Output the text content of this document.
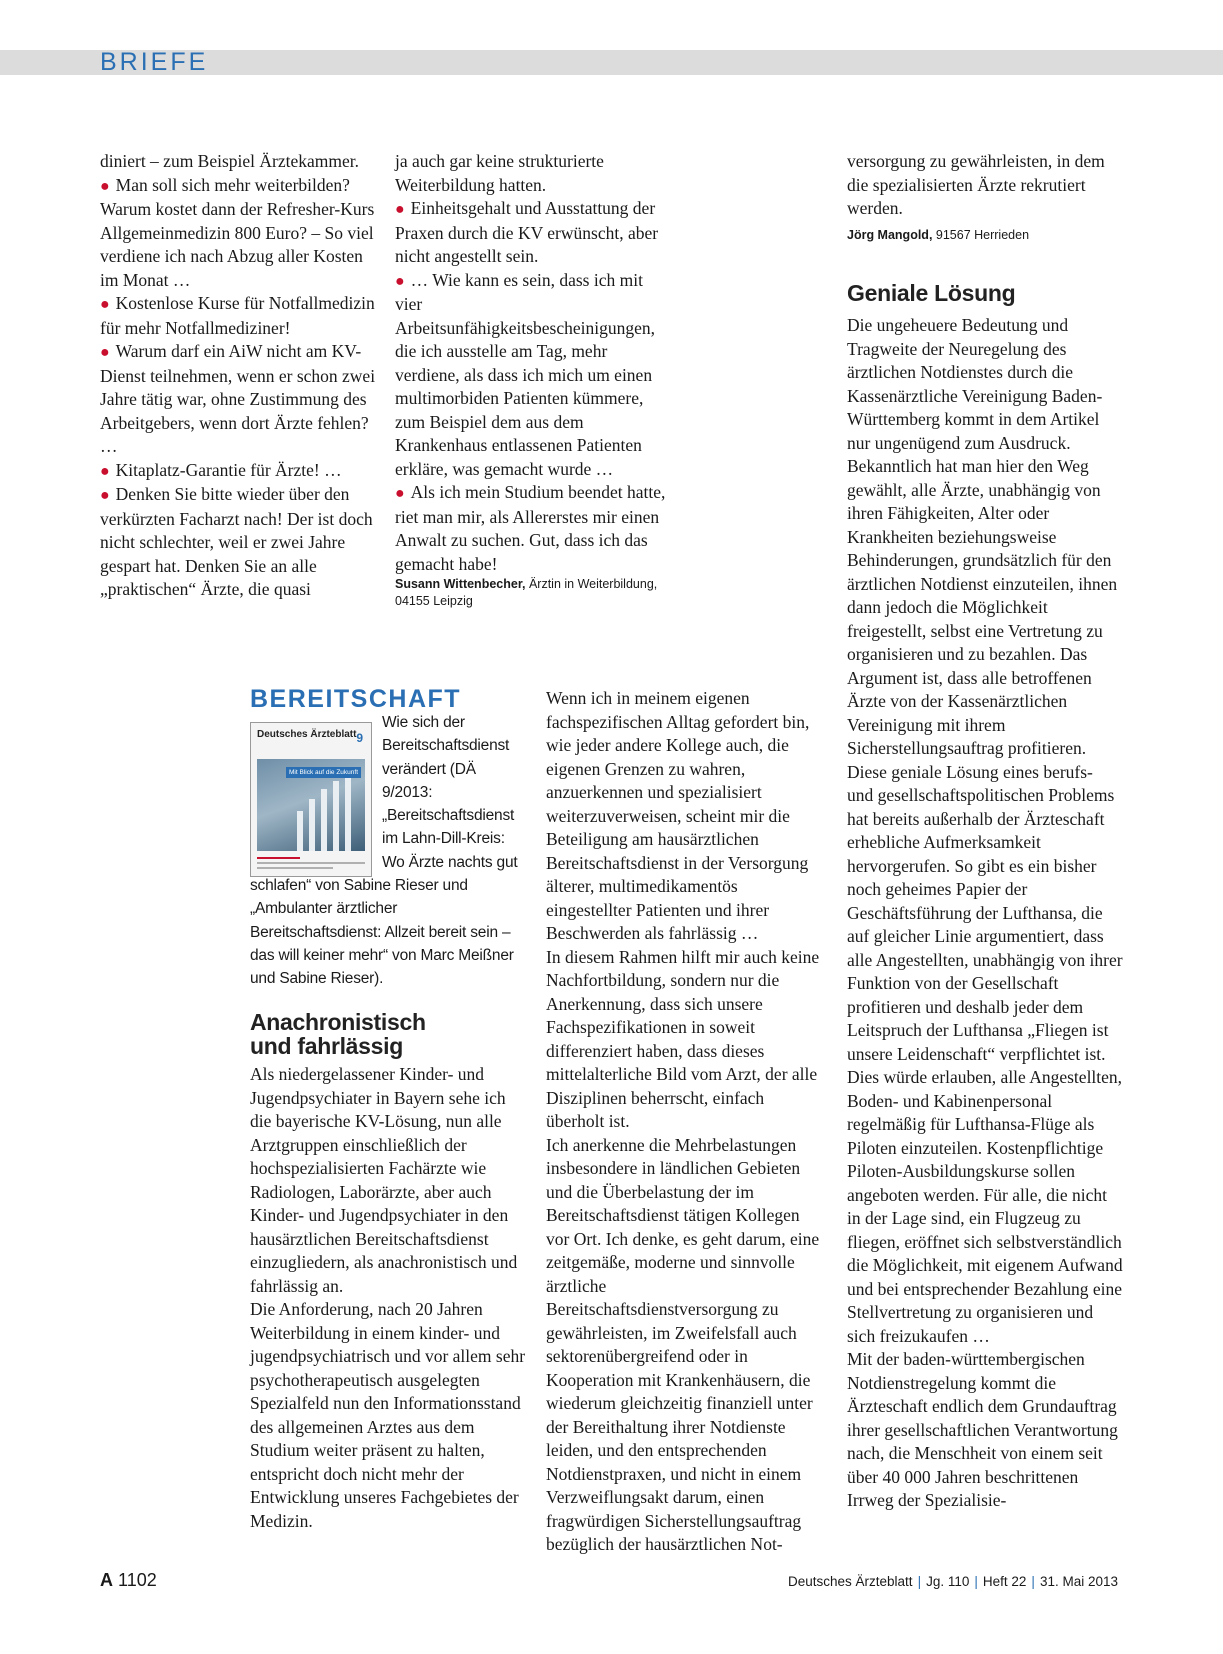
BRIEFE

diniert – zum Beispiel Ärztekammer.

● Man soll sich mehr weiterbilden? Warum kostet dann der Refresher-Kurs Allgemeinmedizin 800 Euro? – So viel verdiene ich nach Abzug aller Kosten im Monat …

● Kostenlose Kurse für Notfallmedizin für mehr Notfallmediziner!

● Warum darf ein AiW nicht am KV-Dienst teilnehmen, wenn er schon zwei Jahre tätig war, ohne Zustimmung des Arbeitgebers, wenn dort Ärzte fehlen? …

● Kitaplatz-Garantie für Ärzte! …

● Denken Sie bitte wieder über den verkürzten Facharzt nach! Der ist doch nicht schlechter, weil er zwei Jahre gespart hat. Denken Sie an alle „praktischen“ Ärzte, die quasi

ja auch gar keine strukturierte Weiterbildung hatten.

● Einheitsgehalt und Ausstattung der Praxen durch die KV erwünscht, aber nicht angestellt sein.

● … Wie kann es sein, dass ich mit vier Arbeitsunfähigkeitsbescheinigungen, die ich ausstelle am Tag, mehr verdiene, als dass ich mich um einen multimorbiden Patienten kümmere, zum Beispiel dem aus dem Krankenhaus entlassenen Patienten erkläre, was gemacht wurde …

● Als ich mein Studium beendet hatte, riet man mir, als Allererstes mir einen Anwalt zu suchen. Gut, dass ich das gemacht habe!

Susann Wittenbecher, Ärztin in Weiterbildung, 04155 Leipzig

versorgung zu gewährleisten, in dem die spezialisierten Ärzte rekrutiert werden.

Jörg Mangold, 91567 Herrieden

Geniale Lösung

Die ungeheuere Bedeutung und Tragweite der Neuregelung des ärztlichen Notdienstes durch die Kassenärztliche Vereinigung Baden-Württemberg kommt in dem Artikel nur ungenügend zum Ausdruck. Bekanntlich hat man hier den Weg gewählt, alle Ärzte, unabhängig von ihren Fähigkeiten, Alter oder Krankheiten beziehungsweise Behinderungen, grundsätzlich für den ärztlichen Notdienst einzuteilen, ihnen dann jedoch die Möglichkeit freigestellt, selbst eine Vertretung zu organisieren und zu bezahlen. Das Argument ist, dass alle betroffenen Ärzte von der Kassenärztlichen Vereinigung mit ihrem Sicherstellungsauftrag profitieren.

Diese geniale Lösung eines berufs- und gesellschaftspolitischen Problems hat bereits außerhalb der Ärzteschaft erhebliche Aufmerksamkeit hervorgerufen. So gibt es ein bisher noch geheimes Papier der Geschäftsführung der Lufthansa, die auf gleicher Linie argumentiert, dass alle Angestellten, unabhängig von ihrer Funktion von der Gesellschaft profitieren und deshalb jeder dem Leitspruch der Lufthansa „Fliegen ist unsere Leidenschaft“ verpflichtet ist. Dies würde erlauben, alle Angestellten, Boden- und Kabinenpersonal regelmäßig für Lufthansa-Flüge als Piloten einzuteilen. Kostenpflichtige Piloten-Ausbildungskurse sollen angeboten werden. Für alle, die nicht in der Lage sind, ein Flugzeug zu fliegen, eröffnet sich selbstverständlich die Möglichkeit, mit eigenem Aufwand und bei entsprechender Bezahlung eine Stellvertretung zu organisieren und sich freizukaufen …

Mit der baden-württembergischen Notdienstregelung kommt die Ärzteschaft endlich dem Grundauftrag ihrer gesellschaftlichen Verantwortung nach, die Menschheit von einem seit über 40 000 Jahren beschrittenen Irrweg der Spezialisie-

BEREITSCHAFT
Deutsches Ärzteblatt 9
Mit Blick auf die Zukunft
Wie sich der Bereitschaftsdienst verändert (DÄ 9/2013: „Bereitschaftsdienst im Lahn-Dill-Kreis: Wo Ärzte nachts gut schlafen“ von Sabine Rieser und „Ambulanter ärztlicher Bereitschaftsdienst: Allzeit bereit sein – das will keiner mehr“ von Marc Meißner und Sabine Rieser).
Anachronistisch
und fahrlässig

Als niedergelassener Kinder- und Jugendpsychiater in Bayern sehe ich die bayerische KV-Lösung, nun alle Arztgruppen einschließlich der hochspezialisierten Fachärzte wie Radiologen, Laborärzte, aber auch Kinder- und Jugendpsychiater in den hausärztlichen Bereitschaftsdienst einzugliedern, als anachronistisch und fahrlässig an.

Die Anforderung, nach 20 Jahren Weiterbildung in einem kinder- und jugendpsychiatrisch und vor allem sehr psychotherapeutisch ausgelegten Spezialfeld nun den Informationsstand des allgemeinen Arztes aus dem Studium weiter präsent zu halten, entspricht doch nicht mehr der Entwicklung unseres Fachgebietes der Medizin.

Wenn ich in meinem eigenen fachspezifischen Alltag gefordert bin, wie jeder andere Kollege auch, die eigenen Grenzen zu wahren, anzuerkennen und spezialisiert weiterzuverweisen, scheint mir die Beteiligung am hausärztlichen Bereitschaftsdienst in der Versorgung älterer, multimedikamentös eingestellter Patienten und ihrer Beschwerden als fahrlässig …

In diesem Rahmen hilft mir auch keine Nachfortbildung, sondern nur die Anerkennung, dass sich unsere Fachspezifikationen in soweit differenziert haben, dass dieses mittelalterliche Bild vom Arzt, der alle Disziplinen beherrscht, einfach überholt ist.

Ich anerkenne die Mehrbelastungen insbesondere in ländlichen Gebieten und die Überbelastung der im Bereitschaftsdienst tätigen Kollegen vor Ort. Ich denke, es geht darum, eine zeitgemäße, moderne und sinnvolle ärztliche Bereitschaftsdienstversorgung zu gewährleisten, im Zweifelsfall auch sektorenübergreifend oder in Kooperation mit Krankenhäusern, die wiederum gleichzeitig finanziell unter der Bereithaltung ihrer Notdienste leiden, und den entsprechenden Notdienstpraxen, und nicht in einem Verzweiflungsakt darum, einen fragwürdigen Sicherstellungsauftrag bezüglich der hausärztlichen Not-

A 1102	Deutsches Ärzteblatt | Jg. 110 | Heft 22 | 31. Mai 2013
